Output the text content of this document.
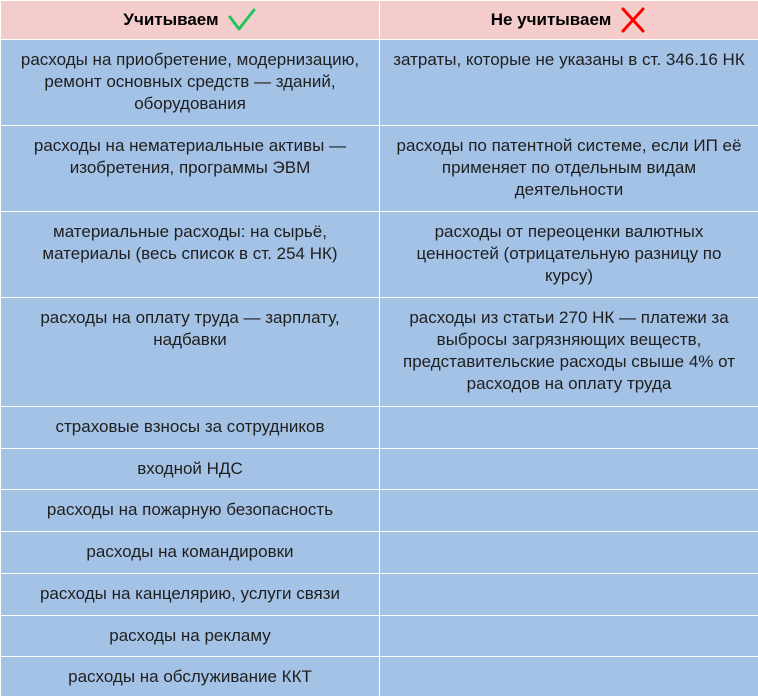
Учитываем	Не учитываем

расходы на приобретение, модернизацию, ремонт основных средств — зданий, оборудования	затраты, которые не указаны в ст. 346.16 НК
расходы на нематериальные активы — изобретения, программы ЭВМ	расходы по патентной системе, если ИП её применяет по отдельным видам деятельности
материальные расходы: на сырьё, материалы (весь список в ст. 254 НК)	расходы от переоценки валютных ценностей (отрицательную разницу по курсу)
расходы на оплату труда — зарплату, надбавки	расходы из статьи 270 НК — платежи за выбросы загрязняющих веществ, представительские расходы свыше 4% от расходов на оплату труда
страховые взносы за сотрудников	
входной НДС	
расходы на пожарную безопасность	
расходы на командировки	
расходы на канцелярию, услуги связи	
расходы на рекламу	
расходы на обслуживание ККТ	
